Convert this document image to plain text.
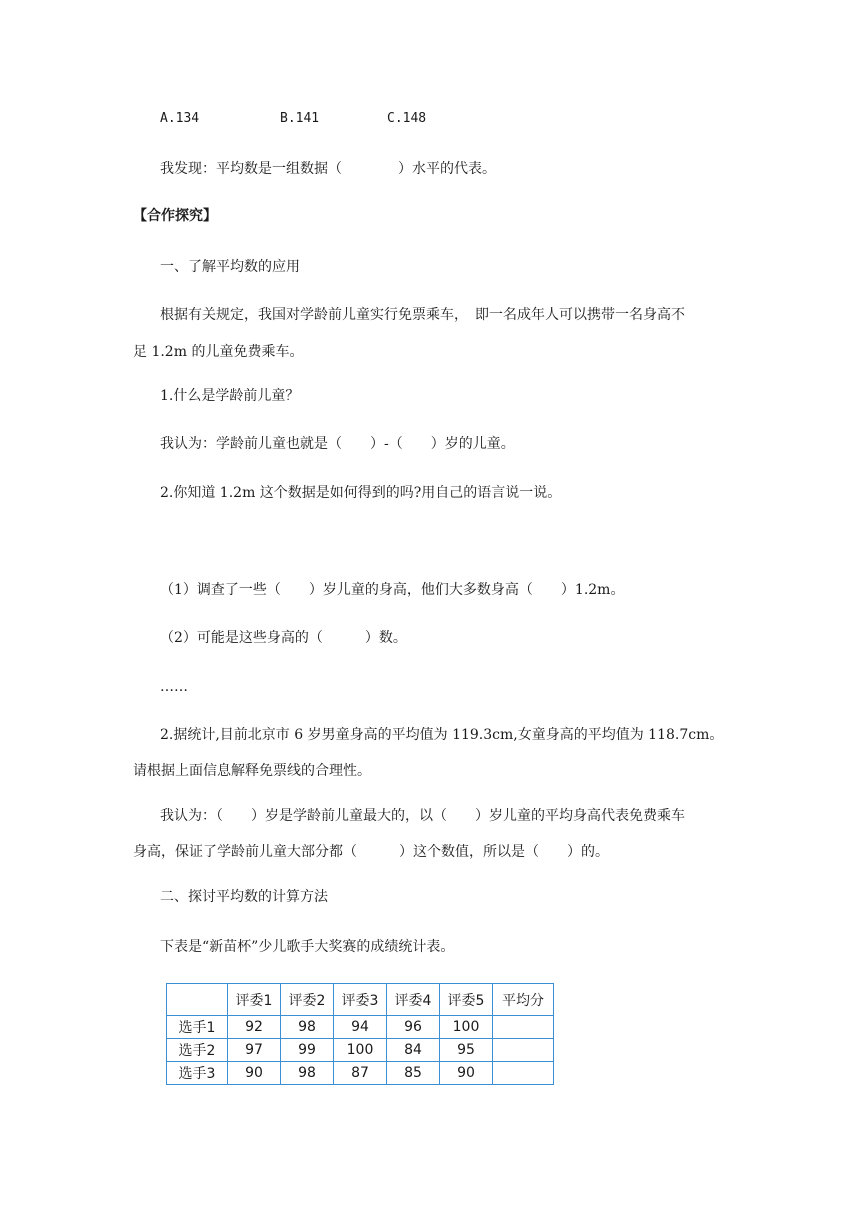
A.134	B.141	C.148
我发现：平均数是一组数据（　　　　）水平的代表。
【合作探究】
一、了解平均数的应用
根据有关规定，我国对学龄前儿童实行免票乘车，　即一名成年人可以携带一名身高不
足 1.2m 的儿童免费乘车。
1.什么是学龄前儿童？
我认为：学龄前儿童也就是（　　）-（　　）岁的儿童。
2.你知道 1.2m 这个数据是如何得到的吗?用自己的语言说一说。
（1）调查了一些（　　）岁儿童的身高，他们大多数身高（　　）1.2m。
（2）可能是这些身高的（　　　）数。
……
2.据统计,目前北京市 6 岁男童身高的平均值为 119.3cm,女童身高的平均值为 118.7cm。
请根据上面信息解释免票线的合理性。
我认为：（　　）岁是学龄前儿童最大的，以（　　）岁儿童的平均身高代表免费乘车
身高，保证了学龄前儿童大部分都（　　　）这个数值，所以是（　　）的。
二、探讨平均数的计算方法
下表是“新苗杯”少儿歌手大奖赛的成绩统计表。
	评委1	评委2	评委3	评委4	评委5	平均分
选手1	92	98	94	96	100	
选手2	97	99	100	84	95	
选手3	90	98	87	85	90	
